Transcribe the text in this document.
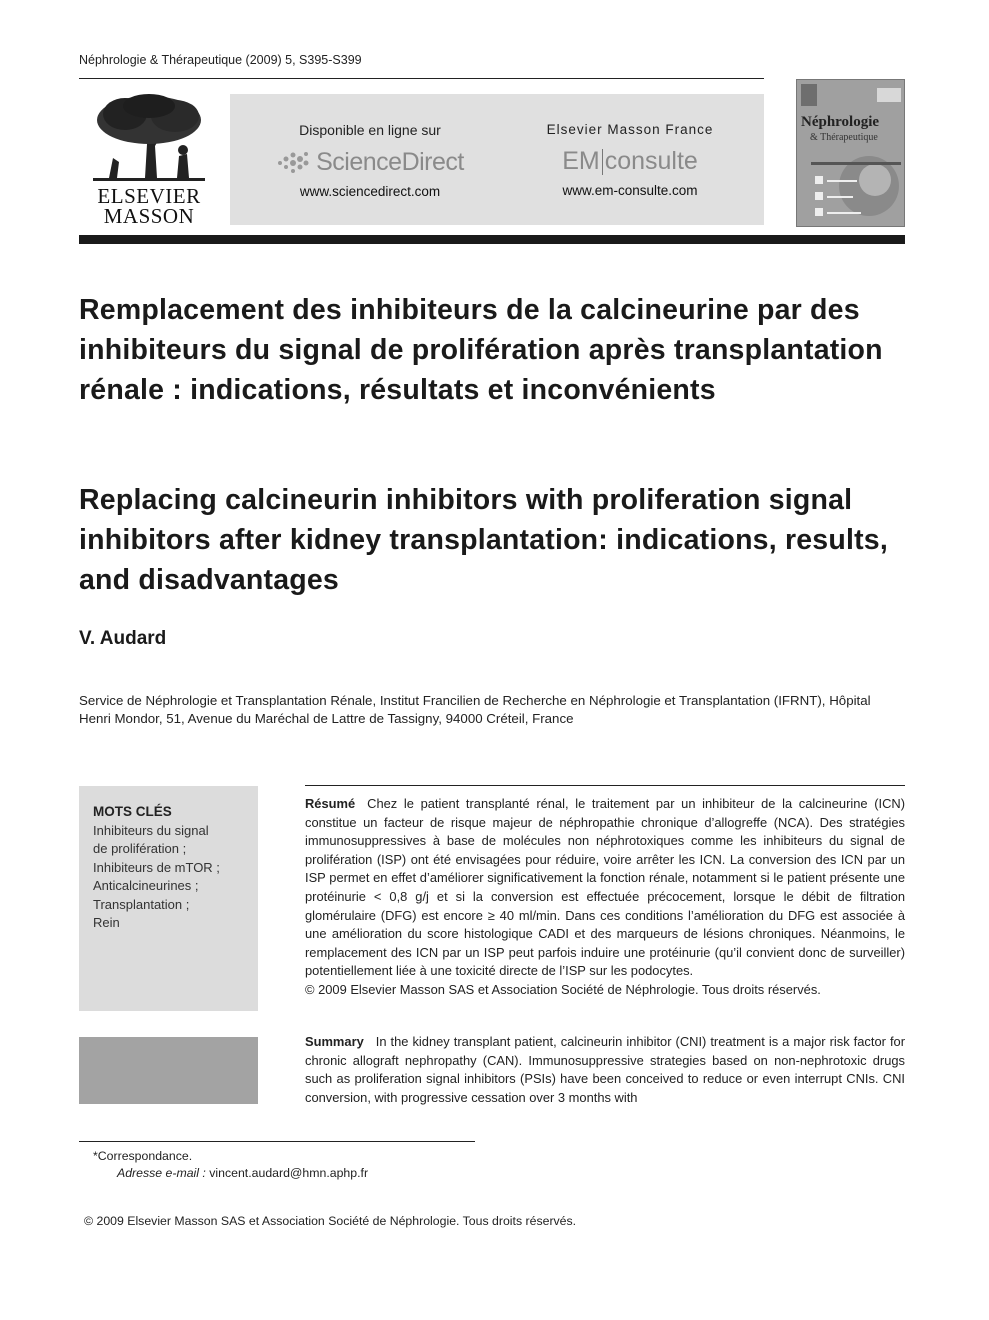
Néphrologie & Thérapeutique (2009) 5, S395-S399
ELSEVIER
MASSON
Disponible en ligne sur
ScienceDirect
www.sciencedirect.com
Elsevier Masson France
EM consulte
www.em-consulte.com
Néphrologie
& Thérapeutique
Remplacement des inhibiteurs de la calcineurine par des inhibiteurs du signal de prolifération après transplantation rénale : indications, résultats et inconvénients
Replacing calcineurin inhibitors with proliferation signal inhibitors after kidney transplantation: indications, results, and disadvantages
V. Audard
Service de Néphrologie et Transplantation Rénale, Institut Francilien de Recherche en Néphrologie et Transplantation (IFRNT), Hôpital Henri Mondor, 51, Avenue du Maréchal de Lattre de Tassigny, 94000 Créteil, France
MOTS CLÉS
Inhibiteurs du signal
de prolifération ;
Inhibiteurs de mTOR ;
Anticalcineurines ;
Transplantation ;
Rein
Résumé Chez le patient transplanté rénal, le traitement par un inhibiteur de la calcineurine (ICN) constitue un facteur de risque majeur de néphropathie chronique d’allogreffe (NCA). Des stratégies immunosuppressives à base de molécules non néphrotoxiques comme les inhibiteurs du signal de prolifération (ISP) ont été envisagées pour réduire, voire arrêter les ICN. La conversion des ICN par un ISP permet en effet d’améliorer significativement la fonction rénale, notamment si le patient présente une protéinurie < 0,8 g/j et si la conversion est effectuée précocement, lorsque le débit de filtration glomérulaire (DFG) est encore ≥ 40 ml/min. Dans ces conditions l’amélioration du DFG est associée à une amélioration du score histologique CADI et des marqueurs de lésions chroniques. Néanmoins, le remplacement des ICN par un ISP peut parfois induire une protéinurie (qu’il convient donc de surveiller) potentiellement liée à une toxicité directe de l’ISP sur les podocytes.
© 2009 Elsevier Masson SAS et Association Société de Néphrologie. Tous droits réservés.
Summary In the kidney transplant patient, calcineurin inhibitor (CNI) treatment is a major risk factor for chronic allograft nephropathy (CAN). Immunosuppressive strategies based on non-nephrotoxic drugs such as proliferation signal inhibitors (PSIs) have been conceived to reduce or even interrupt CNIs. CNI conversion, with progressive cessation over 3 months with
*Correspondance.
Adresse e-mail : vincent.audard@hmn.aphp.fr
© 2009 Elsevier Masson SAS et Association Société de Néphrologie. Tous droits réservés.
